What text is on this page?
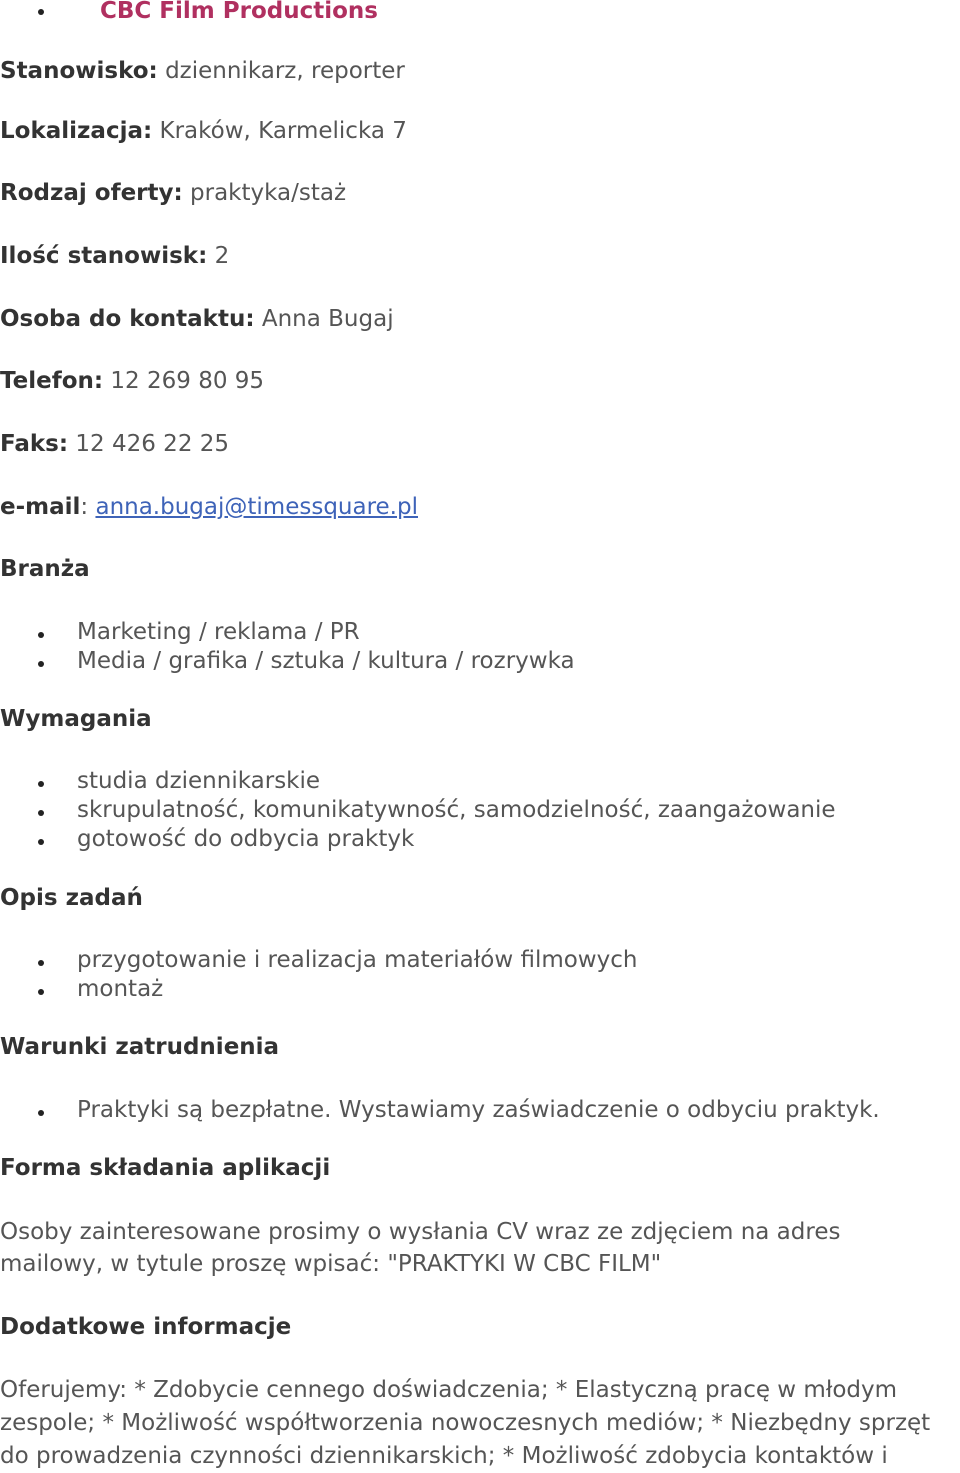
CBC Film Productions
Stanowisko: dziennikarz, reporter
Lokalizacja: Kraków, Karmelicka 7
Rodzaj oferty: praktyka/staż
Ilość stanowisk: 2
Osoba do kontaktu: Anna Bugaj
Telefon: 12 269 80 95
Faks: 12 426 22 25
e-mail: anna.bugaj@timessquare.pl
Branża
Marketing / reklama / PR
Media / grafika / sztuka / kultura / rozrywka
Wymagania
studia dziennikarskie
skrupulatność, komunikatywność, samodzielność, zaangażowanie
gotowość do odbycia praktyk
Opis zadań
przygotowanie i realizacja materiałów filmowych
montaż
Warunki zatrudnienia
Praktyki są bezpłatne. Wystawiamy zaświadczenie o odbyciu praktyk.
Forma składania aplikacji
Osoby zainteresowane prosimy o wysłania CV wraz ze zdjęciem na adres
mailowy, w tytule proszę wpisać: "PRAKTYKI W CBC FILM"
Dodatkowe informacje
Oferujemy: * Zdobycie cennego doświadczenia; * Elastyczną pracę w młodym
zespole; * Możliwość współtworzenia nowoczesnych mediów; * Niezbędny sprzęt
do prowadzenia czynności dziennikarskich; * Możliwość zdobycia kontaktów i
